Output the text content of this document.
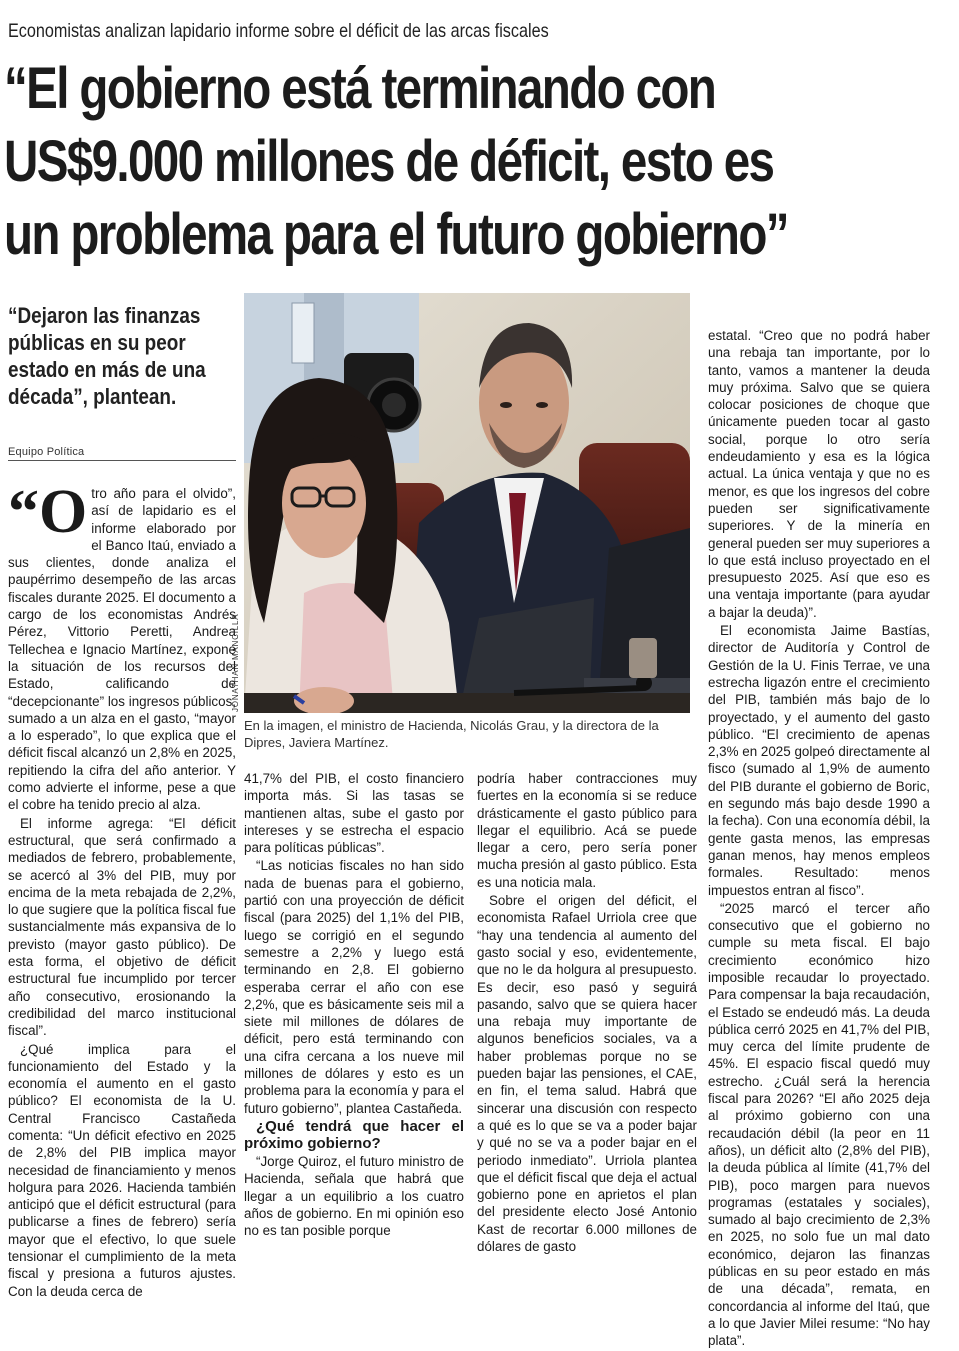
Economistas analizan lapidario informe sobre el déficit de las arcas fiscales
“El gobierno está terminando con
US$9.000 millones de déficit, esto es
un problema para el futuro gobierno”
“Dejaron las finanzas
públicas en su peor
estado en más de una
década”, plantean.
Equipo Política
JONATHAN MANCILLA
En la imagen, el ministro de Hacienda, Nicolás Grau, y la directora de la Dipres, Javiera Martínez.

“Otro año para el olvido”, así de lapidario es el informe elaborado por el Banco Itaú, enviado a sus clientes, donde analiza el paupérrimo desempeño de las arcas fiscales durante 2025. El documento a cargo de los economistas Andrés Pérez, Vittorio Peretti, Andrea Tellechea e Ignacio Martínez, expone la situación de los recursos del Estado, calificando de “decepcionante” los ingresos públicos, sumado a un alza en el gasto, “mayor a lo esperado”, lo que explica que el déficit fiscal alcanzó un 2,8% en 2025, repitiendo la cifra del año anterior. Y como advierte el informe, pese a que el cobre ha tenido precio al alza.

El informe agrega: “El déficit estructural, que será confirmado a mediados de febrero, probablemente, se acercó al 3% del PIB, muy por encima de la meta rebajada de 2,2%, lo que sugiere que la política fiscal fue sustancialmente más expansiva de lo previsto (mayor gasto público). De esta forma, el objetivo de déficit estructural fue incumplido por tercer año consecutivo, erosionando la credibilidad del marco institucional fiscal”.

¿Qué implica para el funcionamiento del Estado y la economía el aumento en el gasto público? El economista de la U. Central Francisco Castañeda comenta: “Un déficit efectivo en 2025 de 2,8% del PIB implica mayor necesidad de financiamiento y menos holgura para 2026. Hacienda también anticipó que el déficit estructural (para publicarse a fines de febrero) sería mayor que el efectivo, lo que suele tensionar el cumplimiento de la meta fiscal y presiona a futuros ajustes. Con la deuda cerca de

41,7% del PIB, el costo financiero importa más. Si las tasas se mantienen altas, sube el gasto por intereses y se estrecha el espacio para políticas públicas”.

“Las noticias fiscales no han sido nada de buenas para el gobierno, partió con una proyección de déficit fiscal (para 2025) del 1,1% del PIB, luego se corrigió en el segundo semestre a 2,2% y luego está terminando en 2,8. El gobierno esperaba cerrar el año con ese 2,2%, que es básicamente seis mil a siete mil millones de dólares de déficit, pero está terminando con una cifra cercana a los nueve mil millones de dólares y esto es un problema para la economía y para el futuro gobierno”, plantea Castañeda.

¿Qué tendrá que hacer el próximo gobierno?

“Jorge Quiroz, el futuro ministro de Hacienda, señala que habrá que llegar a un equilibrio a los cuatro años de gobierno. En mi opinión eso no es tan posible porque

podría haber contracciones muy fuertes en la economía si se reduce drásticamente el gasto público para llegar el equilibrio. Acá se puede llegar a cero, pero sería poner mucha presión al gasto público. Esta es una noticia mala.

Sobre el origen del déficit, el economista Rafael Urriola cree que “hay una tendencia al aumento del gasto social y eso, evidentemente, que no le da holgura al presupuesto. Es decir, eso pasó y seguirá pasando, salvo que se quiera hacer una rebaja muy importante de algunos beneficios sociales, va a haber problemas porque no se pueden bajar las pensiones, el CAE, en fin, el tema salud. Habrá que sincerar una discusión con respecto a qué es lo que se va a poder bajar y qué no se va a poder bajar en el periodo inmediato”. Urriola plantea que el déficit fiscal que deja el actual gobierno pone en aprietos el plan del presidente electo José Antonio Kast de recortar 6.000 millones de dólares de gasto

estatal. “Creo que no podrá haber una rebaja tan importante, por lo tanto, vamos a mantener la deuda muy próxima. Salvo que se quiera colocar posiciones de choque que únicamente pueden tocar al gasto social, porque lo otro sería endeudamiento y esa es la lógica actual. La única ventaja y que no es menor, es que los ingresos del cobre pueden ser significativamente superiores. Y de la minería en general pueden ser muy superiores a lo que está incluso proyectado en el presupuesto 2025. Así que eso es una ventaja importante (para ayudar a bajar la deuda)”.

El economista Jaime Bastías, director de Auditoría y Control de Gestión de la U. Finis Terrae, ve una estrecha ligazón entre el crecimiento del PIB, también más bajo de lo proyectado, y el aumento del gasto público. “El crecimiento de apenas 2,3% en 2025 golpeó directamente al fisco (sumado al 1,9% de aumento del PIB durante el gobierno de Boric, en segundo más bajo desde 1990 a la fecha). Con una economía débil, la gente gasta menos, las empresas ganan menos, hay menos empleos formales. Resultado: menos impuestos entran al fisco”.

“2025 marcó el tercer año consecutivo que el gobierno no cumple su meta fiscal. El bajo crecimiento económico hizo imposible recaudar lo proyectado. Para compensar la baja recaudación, el Estado se endeudó más. La deuda pública cerró 2025 en 41,7% del PIB, muy cerca del límite prudente de 45%. El espacio fiscal quedó muy estrecho. ¿Cuál será la herencia fiscal para 2026? “El año 2025 deja al próximo gobierno con una recaudación débil (la peor en 11 años), un déficit alto (2,8% del PIB), la deuda pública al límite (41,7% del PIB), poco margen para nuevos programas (estatales y sociales), sumado al bajo crecimiento de 2,3% en 2025, no solo fue un mal dato económico, dejaron las finanzas públicas en su peor estado en más de una década”, remata, en concordancia al informe del Itaú, que a lo que Javier Milei resume: “No hay plata”.
